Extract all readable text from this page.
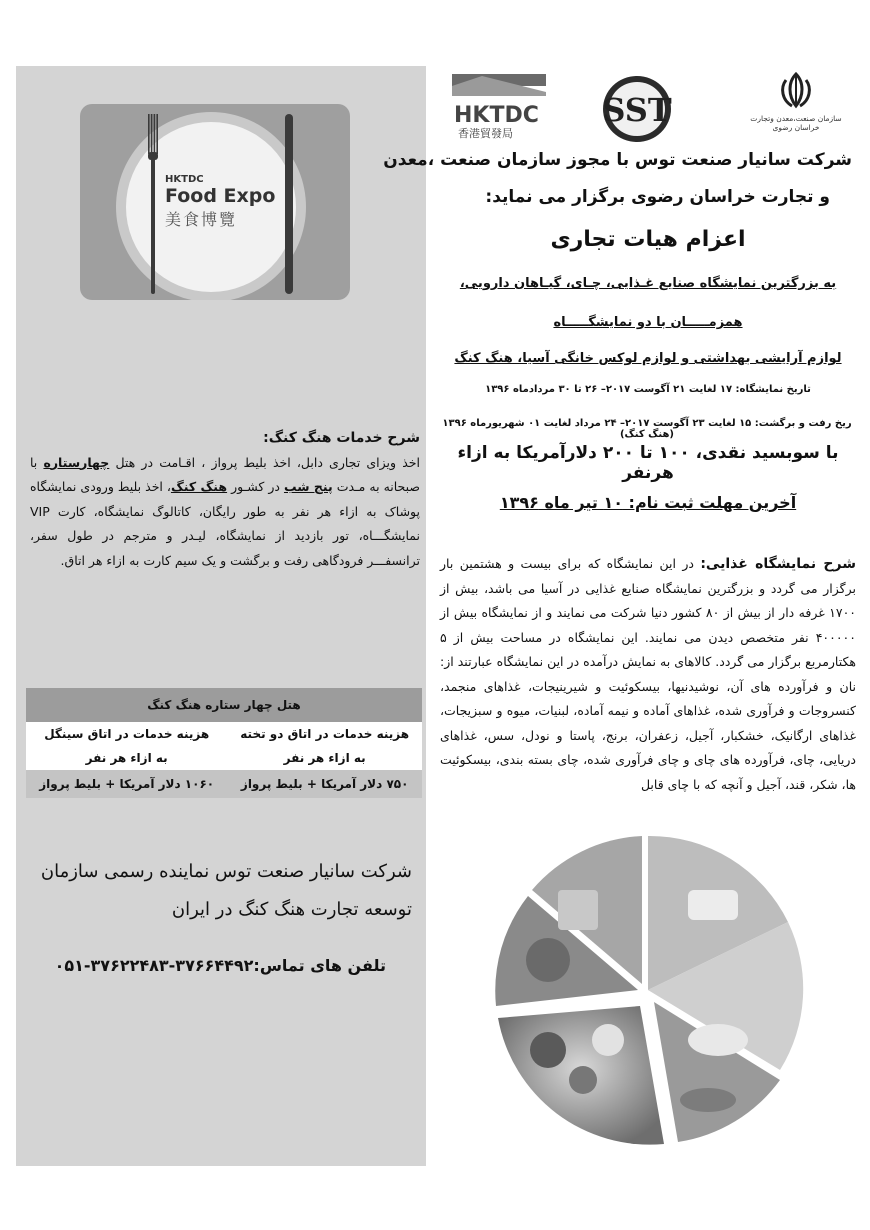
HKTDC
Food Expo
美食博覽
شرح خدمات هنگ کنگ:
اخذ ویزای تجاری دابل، اخذ بلیط پرواز ، اقـامت در هتل چهارستاره با صبحانه به مـدت پنج شب در کشـور هنگ کنگ، اخذ بلیط ورودی نمایشگاه پوشاک به ازاء هر نفر به طور رایگان، کاتالوگ نمایشگاه، کارت VIP نمایشگـــاه، تور بازدید از نمایشگاه، لیـدر و مترجم در طول سفر، ترانسفـــر فرودگاهی رفت و برگشت و یک سیم کارت به ازاء هر اتاق.
هتل چهار ستاره هنگ کنگ	
هزینه خدمات در اتاق دو تخته	هزینه خدمات در اتاق سینگل
به ازاء هر نفر	به ازاء هر نفر
۷۵۰ دلار آمریکا + بلیط پرواز	۱۰۶۰ دلار آمریکا + بلیط پرواز
شرکت سانیار صنعت توس نماینده رسمی سازمان
توسعه تجارت هنگ کنگ در ایران
تلفن های تماس:۳۷۶۶۴۴۹۲-۳۷۶۲۲۴۸۳-۰۵۱
HKTDC
香港貿發局
SST	سازمان صنعت،معدن وتجارت
خراسان رضوی
شرکت سانیار صنعت توس با مجوز سازمان صنعت ،معدن
و تجارت خراسان رضوی برگزار می نماید:
اعزام هیات تجاری
به بزرگترین نمایشگاه صنایع غـذایی، چـای، گیـاهان دارویی،
همزمـــــان با دو نمایشگـــــاه
لوازم آرایشی بهداشتی و لوازم لوکس خانگی آسیا، هنگ کنگ
تاریخ نمایشگاه: ۱۷ لغایت ۲۱ آگوست ۲۰۱۷– ۲۶ تا ۳۰ مردادماه ۱۳۹۶
ریخ رفت و برگشت: ۱۵ لغایت ۲۳ آگوست ۲۰۱۷– ۲۴ مرداد لغایت ۰۱ شهریورماه ۱۳۹۶ (هنگ کنگ)
با سوبسید نقدی، ۱۰۰ تا ۲۰۰ دلارآمریکا به ازاء هرنفر
آخرین مهلت ثبت نام: ۱۰ تیر ماه ۱۳۹۶
شرح نمایشگاه غذایی: در این نمایشگاه که برای بیست و هشتمین بار برگزار می گردد و بزرگترین نمایشگاه صنایع غذایی در آسیا می باشد، بیش از ۱۷۰۰ غرفه دار از بیش از ۸۰ کشور دنیا شرکت می نمایند و از نمایشگاه بیش از ۴۰۰۰۰۰ نفر متخصص دیدن می نمایند. این نمایشگاه در مساحت بیش از ۵ هکتارمربع برگزار می گردد. کالاهای به نمایش درآمده در این نمایشگاه عبارتند از: نان و فرآورده های آن، نوشیدنیها، بیسکوئیت و شیرینیجات، غذاهای منجمد، کنسروجات و فرآوری شده، غذاهای آماده و نیمه آماده، لبنیات، میوه و سبزیجات، غذاهای ارگانیک، خشکبار، آجیل، زعفران، برنج، پاستا و نودل، سس، غذاهای دریایی، چای، فرآورده های چای و چای فرآوری شده، چای بسته بندی، بیسکوئیت ها، شکر، قند، آجیل و آنچه که با چای قابل
